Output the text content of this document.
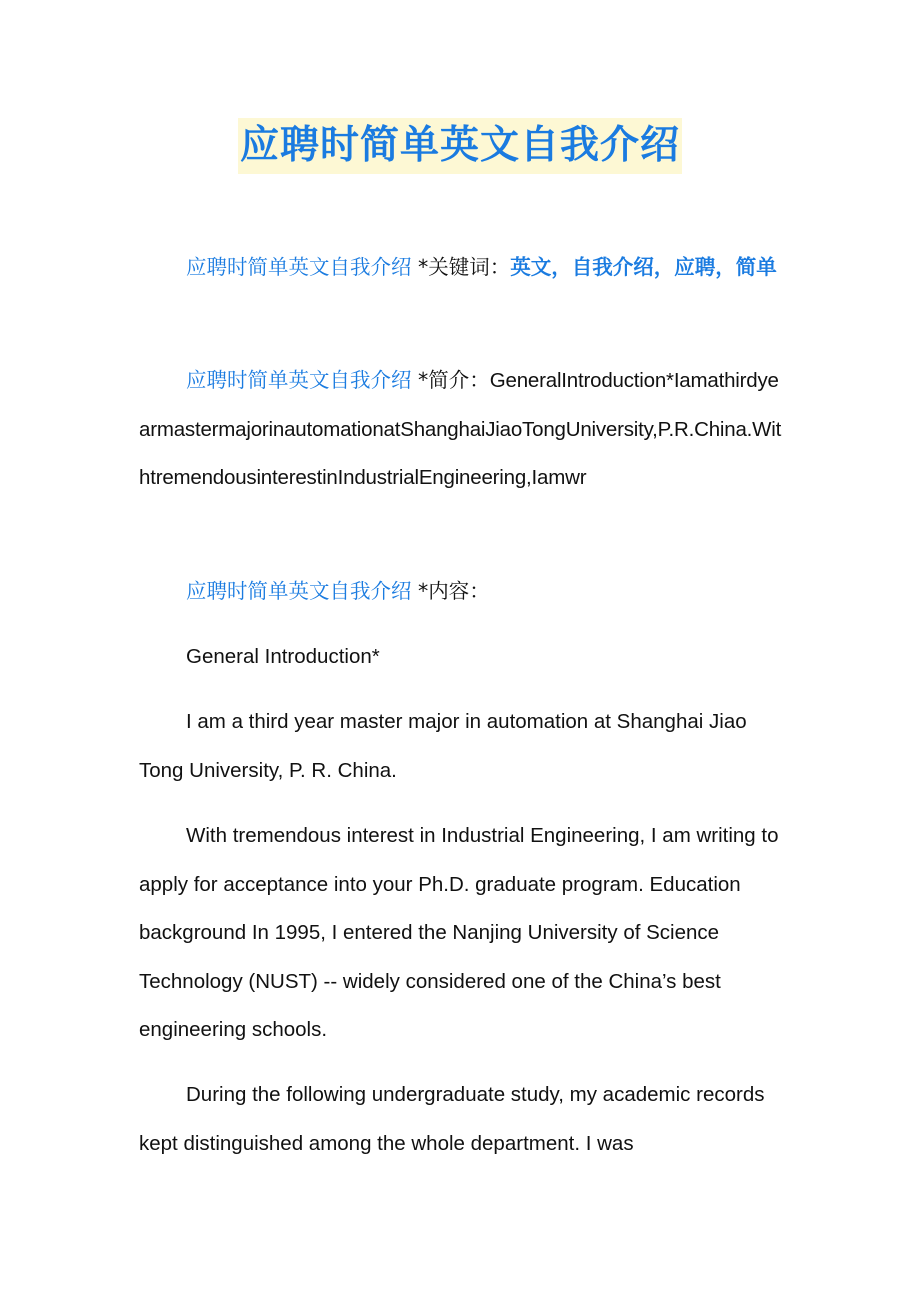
应聘时简单英文自我介绍

应聘时简单英文自我介绍 *关键词：英文，自我介绍，应聘，简单

应聘时简单英文自我介绍 *简介：GeneralIntroduction*IamathirdyearmastermajorinautomationatShanghaiJiaoTongUniversity,P.R.China.WithtremendousinterestinIndustrialEngineering,Iamwr

应聘时简单英文自我介绍 *内容：

General Introduction*

I am a third year master major in automation at Shanghai Jiao Tong University, P. R. China.

With tremendous interest in Industrial Engineering, I am writing to apply for acceptance into your Ph.D. graduate program. Education background In 1995, I entered the Nanjing University of Science Technology (NUST) -- widely considered one of the China’s best engineering schools.

During the following undergraduate study, my academic records kept distinguished among the whole department. I was
